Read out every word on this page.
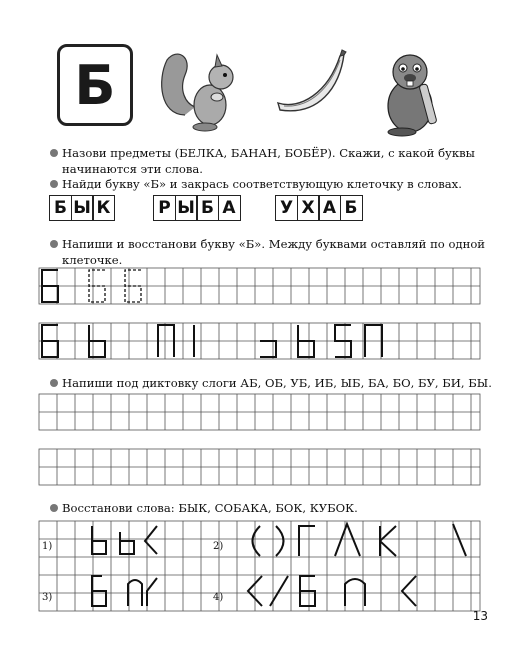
Б
Назови предметы (БЕЛКА, БАНАН, БОБЁР). Скажи, с какой буквы
начинаются эти слова.
Найди букву «Б» и закрась соответствующую клеточку в словах.
Б Ы К	Р Ы Б А	У Х А Б
Напиши и восстанови букву «Б». Между буквами оставляй по одной
клеточке.
Напиши под диктовку слоги АБ, ОБ, УБ, ИБ, ЫБ, БА, БО, БУ, БИ, БЫ.
Восстанови слова: БЫК, СОБАКА, БОК, КУБОК.
1)	2)
3)	4)
13
